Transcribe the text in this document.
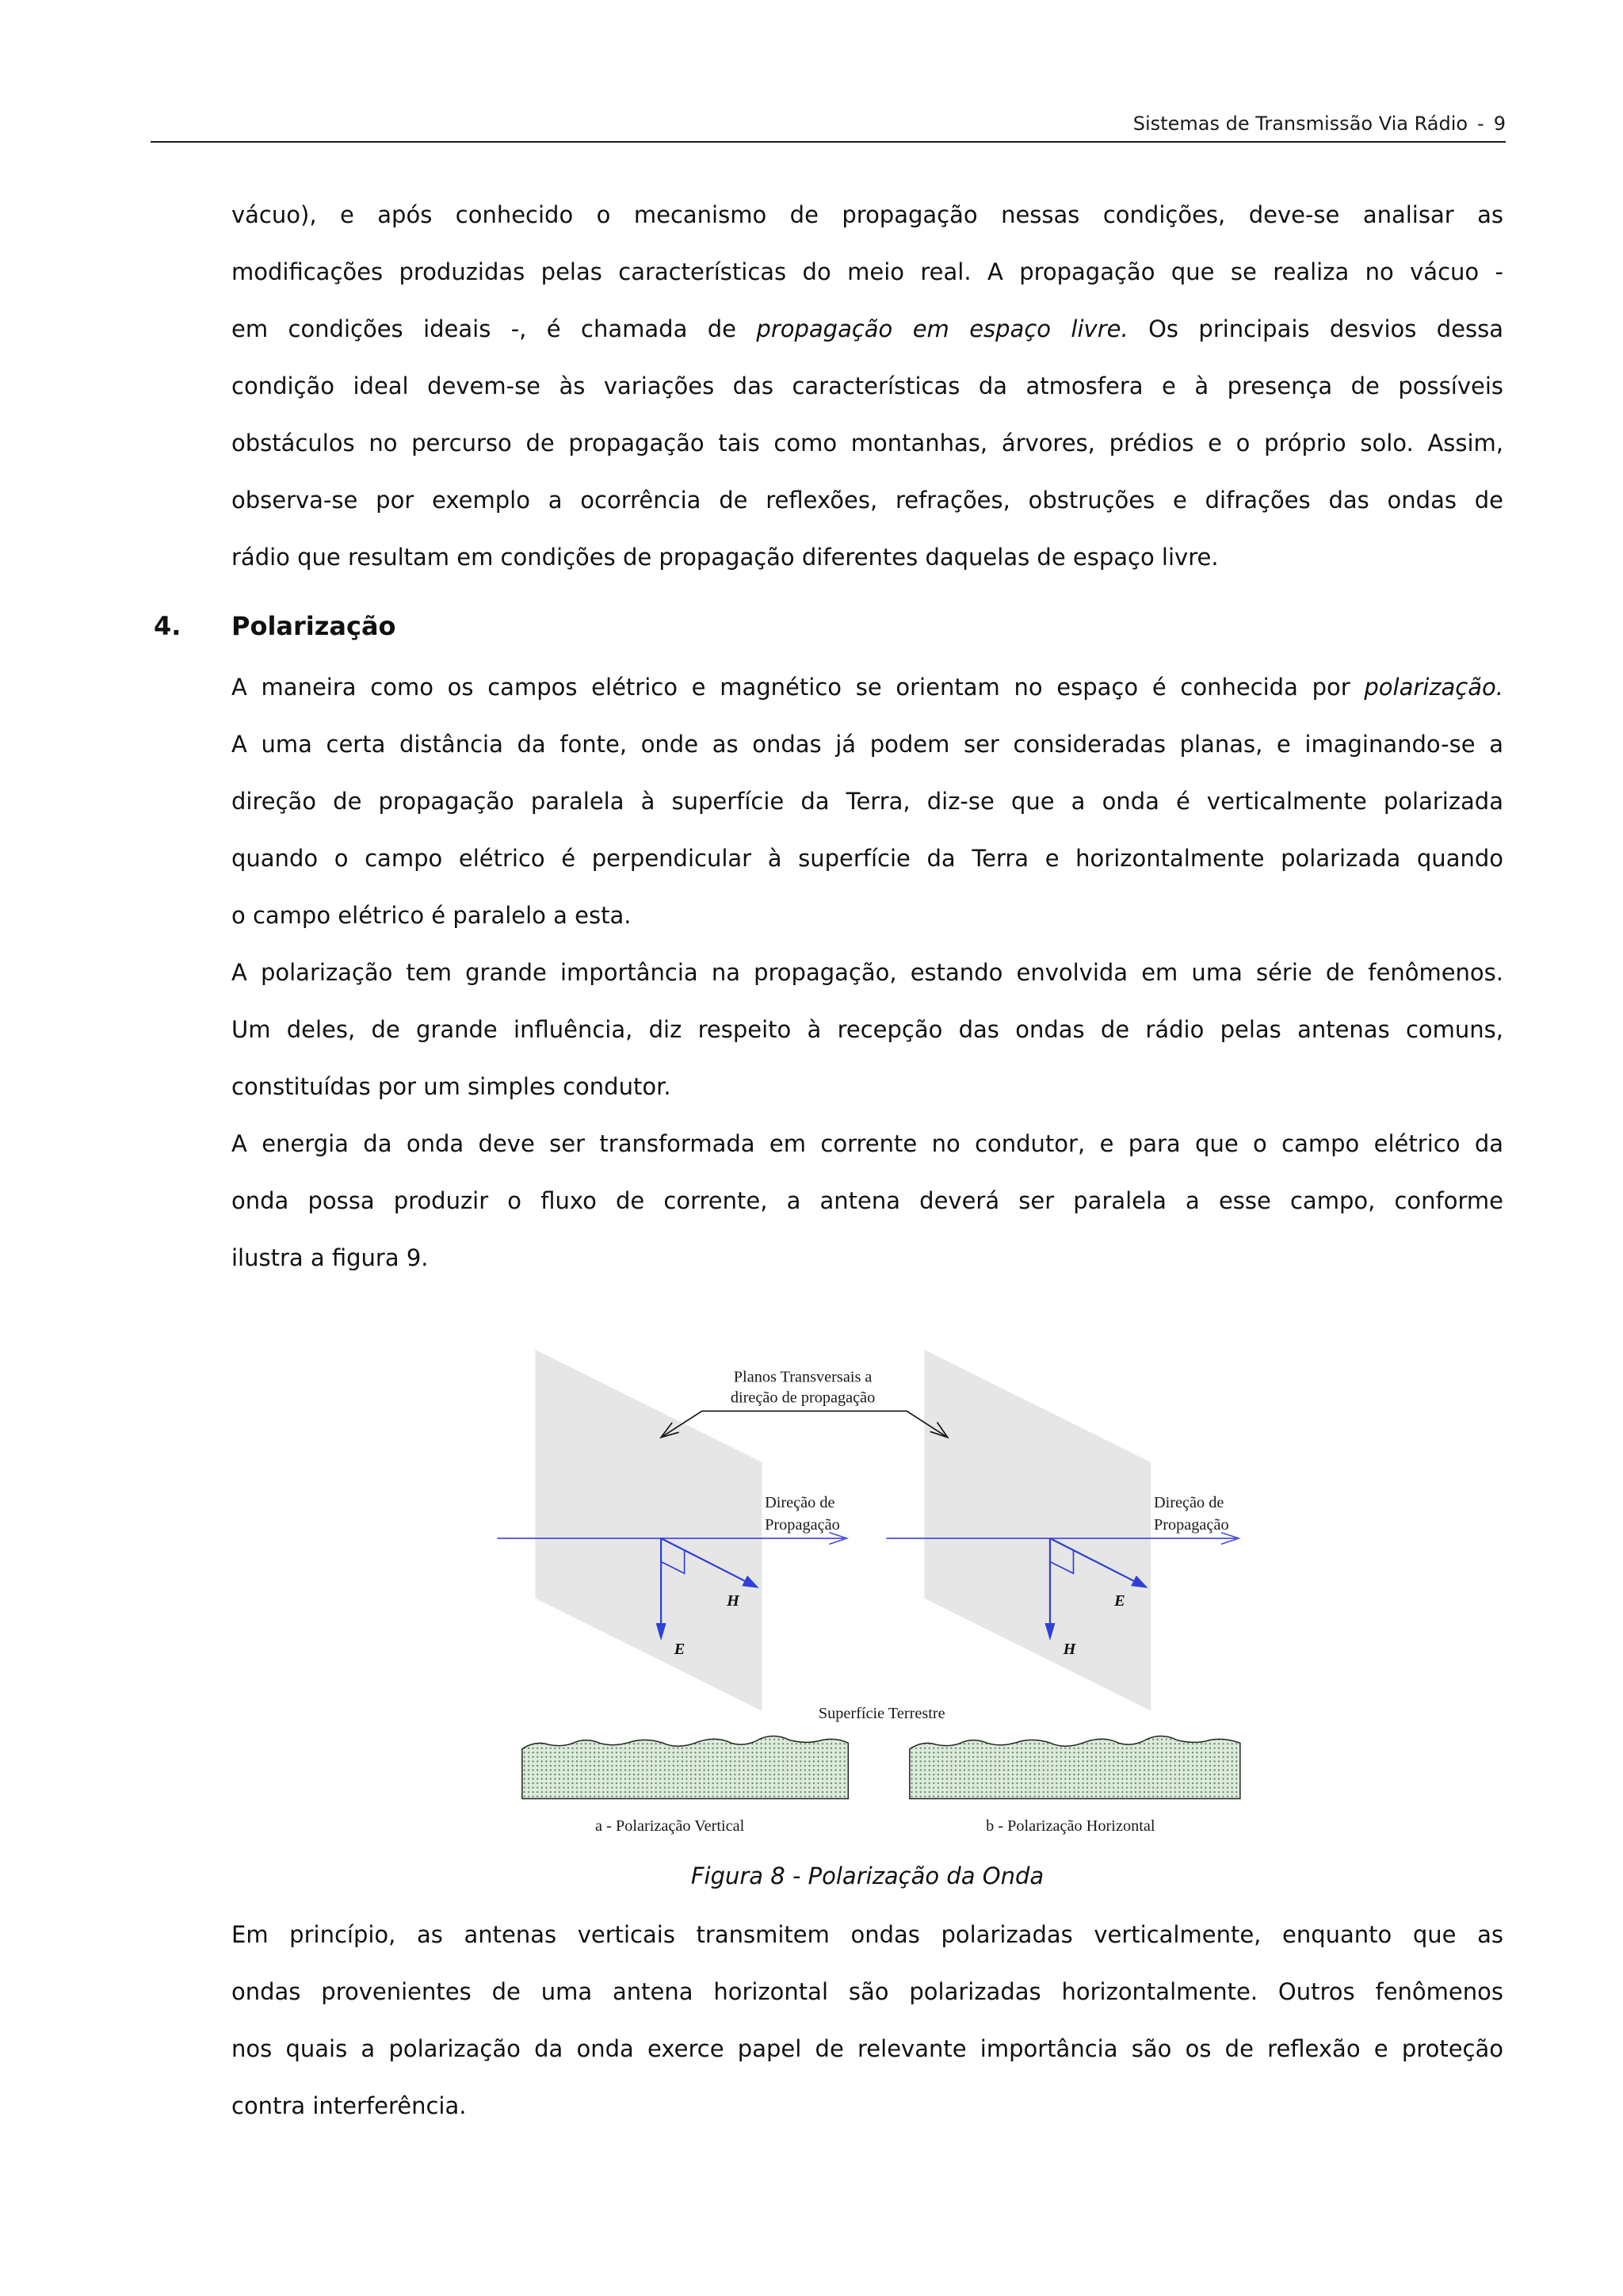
Sistemas de Transmissão Via Rádio - 9
vácuo), e após conhecido o mecanismo de propagação nessas condições, deve-se analisar as
modificações produzidas pelas características do meio real. A propagação que se realiza no vácuo -
em condições ideais -, é chamada de propagação em espaço livre. Os principais desvios dessa
condição ideal devem-se às variações das características da atmosfera e à presença de possíveis
obstáculos no percurso de propagação tais como montanhas, árvores, prédios e o próprio solo. Assim,
observa-se por exemplo a ocorrência de reflexões, refrações, obstruções e difrações das ondas de
rádio que resultam em condições de propagação diferentes daquelas de espaço livre.
4. Polarização
A maneira como os campos elétrico e magnético se orientam no espaço é conhecida por polarização.
A uma certa distância da fonte, onde as ondas já podem ser consideradas planas, e imaginando-se a
direção de propagação paralela à superfície da Terra, diz-se que a onda é verticalmente polarizada
quando o campo elétrico é perpendicular à superfície da Terra e horizontalmente polarizada quando
o campo elétrico é paralelo a esta.
A polarização tem grande importância na propagação, estando envolvida em uma série de fenômenos.
Um deles, de grande influência, diz respeito à recepção das ondas de rádio pelas antenas comuns,
constituídas por um simples condutor.
A energia da onda deve ser transformada em corrente no condutor, e para que o campo elétrico da
onda possa produzir o fluxo de corrente, a antena deverá ser paralela a esse campo, conforme
ilustra a figura 9.
Planos Transversais a
direção de propagação
Direção de
Propagação
Direção de
Propagação
H
E
E
H
Superfície Terrestre
a - Polarização Vertical	b - Polarização Horizontal
Figura 8 - Polarização da Onda
Em princípio, as antenas verticais transmitem ondas polarizadas verticalmente, enquanto que as
ondas provenientes de uma antena horizontal são polarizadas horizontalmente. Outros fenômenos
nos quais a polarização da onda exerce papel de relevante importância são os de reflexão e proteção
contra interferência.
